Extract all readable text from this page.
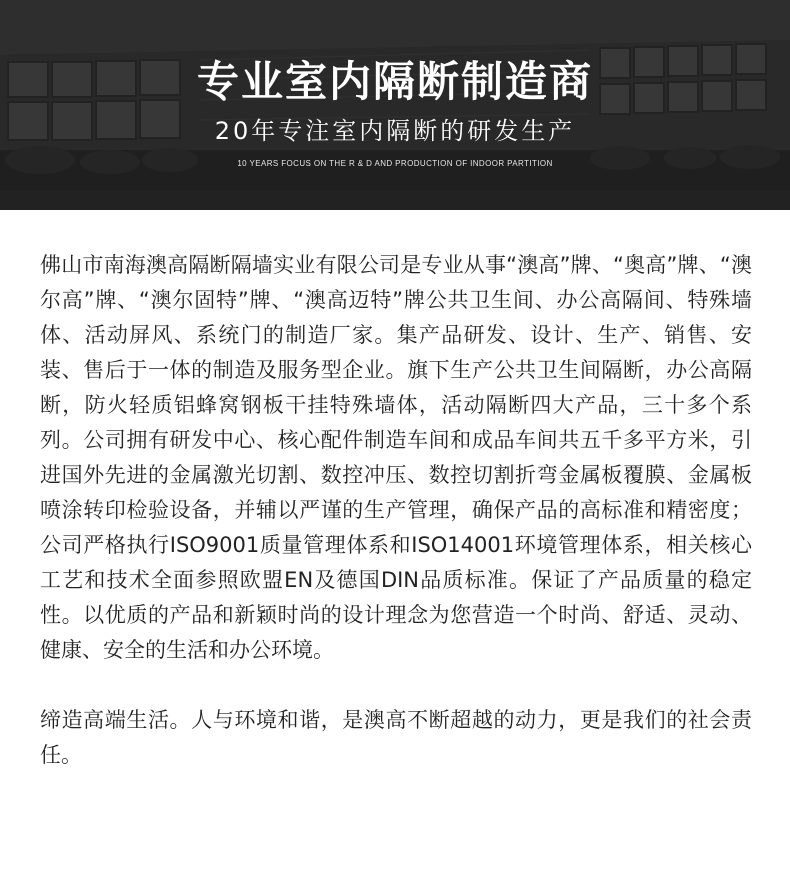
专业室内隔断制造商
20年专注室内隔断的研发生产
10 YEARS FOCUS ON THE R & D AND PRODUCTION OF INDOOR PARTITION

佛山市南海澳高隔断隔墙实业有限公司是专业从事“澳高”牌、“奥高”牌、“澳尔高”牌、“澳尔固特”牌、“澳高迈特”牌公共卫生间、办公高隔间、特殊墙体、活动屏风、系统门的制造厂家。集产品研发、设计、生产、销售、安装、售后于一体的制造及服务型企业。旗下生产公共卫生间隔断，办公高隔断，防火轻质铝蜂窝钢板干挂特殊墙体，活动隔断四大产品，三十多个系列。公司拥有研发中心、核心配件制造车间和成品车间共五千多平方米，引进国外先进的金属激光切割、数控冲压、数控切割折弯金属板覆膜、金属板喷涂转印检验设备，并辅以严谨的生产管理，确保产品的高标准和精密度；公司严格执行ISO9001质量管理体系和ISO14001环境管理体系，相关核心工艺和技术全面参照欧盟EN及德国DIN品质标准。保证了产品质量的稳定性。以优质的产品和新颖时尚的设计理念为您营造一个时尚、舒适、灵动、健康、安全的生活和办公环境。

缔造高端生活。人与环境和谐，是澳高不断超越的动力，更是我们的社会责任。
